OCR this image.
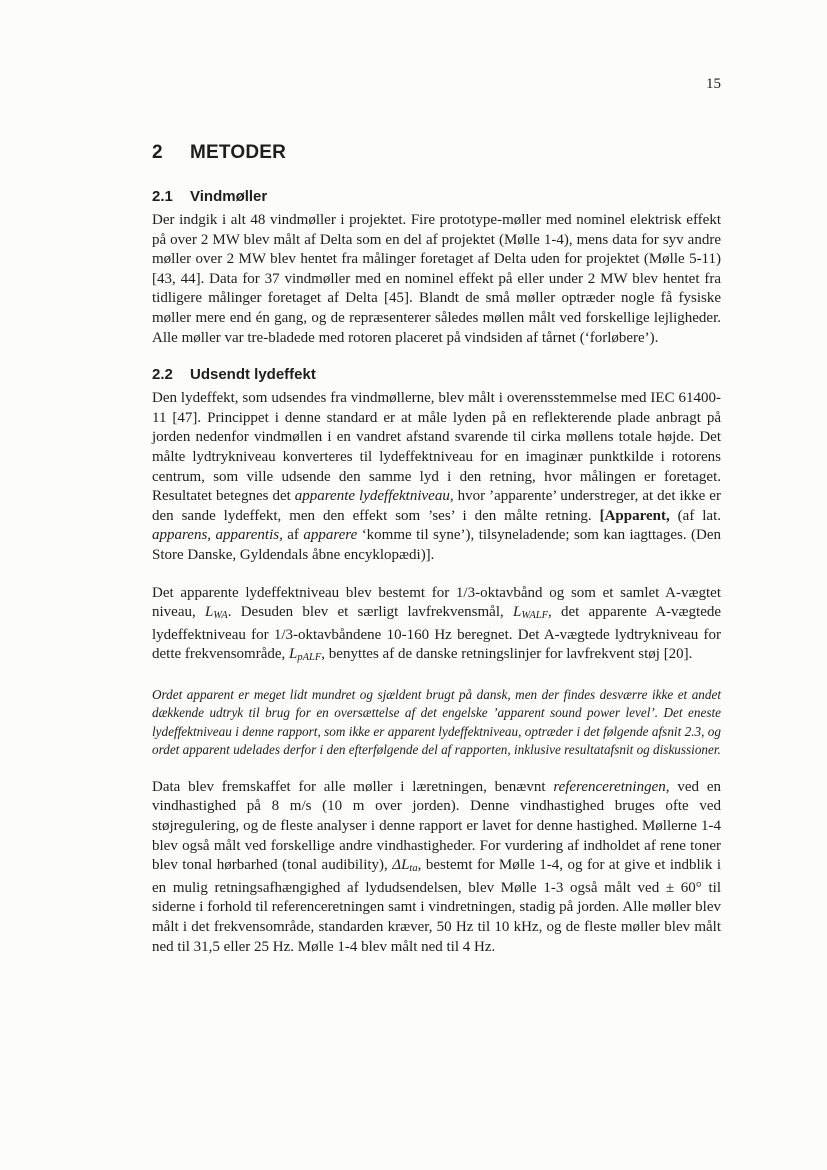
15
2 METODER
2.1 Vindmøller

Der indgik i alt 48 vindmøller i projektet. Fire prototype-møller med nominel elektrisk effekt på over 2 MW blev målt af Delta som en del af projektet (Mølle 1-4), mens data for syv andre møller over 2 MW blev hentet fra målinger foretaget af Delta uden for projektet (Mølle 5-11) [43, 44]. Data for 37 vindmøller med en nominel effekt på eller under 2 MW blev hentet fra tidligere målinger foretaget af Delta [45]. Blandt de små møller optræder nogle få fysiske møller mere end én gang, og de repræsenterer således møllen målt ved forskellige lejligheder. Alle møller var tre-bladede med rotoren placeret på vindsiden af tårnet (‘forløbere’).

2.2 Udsendt lydeffekt

Den lydeffekt, som udsendes fra vindmøllerne, blev målt i overensstemmelse med IEC 61400-11 [47]. Princippet i denne standard er at måle lyden på en reflekterende plade anbragt på jorden nedenfor vindmøllen i en vandret afstand svarende til cirka møllens totale højde. Det målte lydtrykniveau konverteres til lydeffektniveau for en imaginær punktkilde i rotorens centrum, som ville udsende den samme lyd i den retning, hvor målingen er foretaget. Resultatet betegnes det apparente lydeffektniveau, hvor ’apparente’ understreger, at det ikke er den sande lydeffekt, men den effekt som ’ses’ i den målte retning. [Apparent, (af lat. apparens, apparentis, af apparere ‘komme til syne’), tilsyneladende; som kan iagttages. (Den Store Danske, Gyldendals åbne encyklopædi)].

Det apparente lydeffektniveau blev bestemt for 1/3-oktavbånd og som et samlet A-vægtet niveau, LWA. Desuden blev et særligt lavfrekvensmål, LWALF, det apparente A-vægtede lydeffektniveau for 1/3-oktavbåndene 10-160 Hz beregnet. Det A-vægtede lydtrykniveau for dette frekvensområde, LpALF, benyttes af de danske retningslinjer for lavfrekvent støj [20].

Ordet apparent er meget lidt mundret og sjældent brugt på dansk, men der findes desværre ikke et andet dækkende udtryk til brug for en oversættelse af det engelske ’apparent sound power level’. Det eneste lydeffektniveau i denne rapport, som ikke er apparent lydeffektniveau, optræder i det følgende afsnit 2.3, og ordet apparent udelades derfor i den efterfølgende del af rapporten, inklusive resultatafsnit og diskussioner.

Data blev fremskaffet for alle møller i læretningen, benævnt referenceretningen, ved en vindhastighed på 8 m/s (10 m over jorden). Denne vindhastighed bruges ofte ved støjregulering, og de fleste analyser i denne rapport er lavet for denne hastighed. Møllerne 1-4 blev også målt ved forskellige andre vindhastigheder. For vurdering af indholdet af rene toner blev tonal hørbarhed (tonal audibility), ΔLta, bestemt for Mølle 1-4, og for at give et indblik i en mulig retningsafhængighed af lydudsendelsen, blev Mølle 1-3 også målt ved ± 60° til siderne i forhold til referenceretningen samt i vindretningen, stadig på jorden. Alle møller blev målt i det frekvensområde, standarden kræver, 50 Hz til 10 kHz, og de fleste møller blev målt ned til 31,5 eller 25 Hz. Mølle 1-4 blev målt ned til 4 Hz.
